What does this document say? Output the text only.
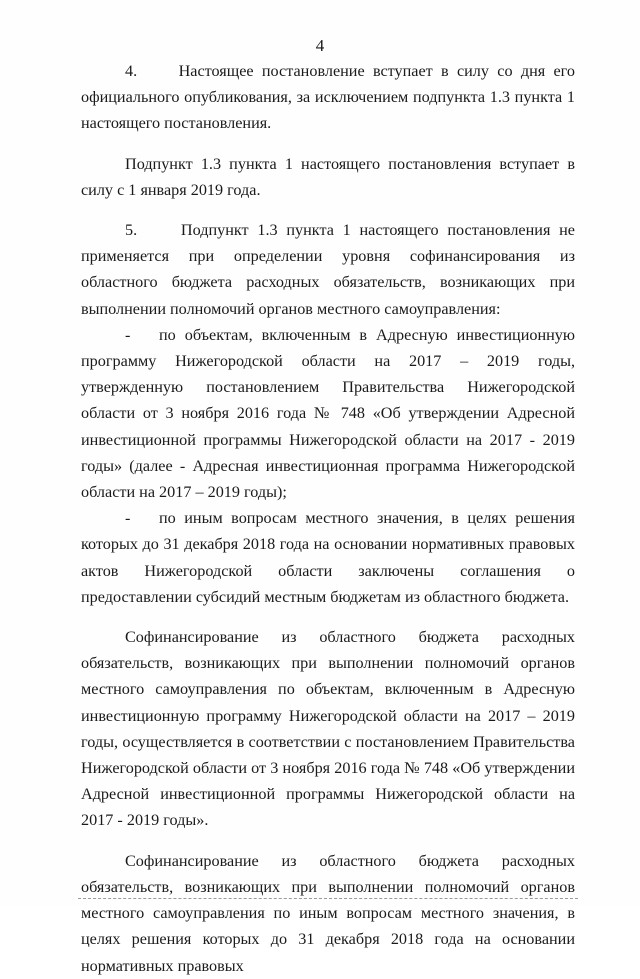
4

4.     Настоящее постановление вступает в силу со дня его официального опубликования, за исключением подпункта 1.3 пункта 1 настоящего постановления.

Подпункт 1.3 пункта 1 настоящего постановления вступает в силу с 1 января 2019 года.

5.     Подпункт 1.3 пункта 1 настоящего постановления не применяется при определении уровня софинансирования из областного бюджета расходных обязательств, возникающих при выполнении полномочий органов местного самоуправления:

- по объектам, включенным в Адресную инвестиционную программу Нижегородской области на 2017 – 2019 годы, утвержденную постановлением Правительства Нижегородской области от 3 ноября 2016 года № 748 «Об утверждении Адресной инвестиционной программы Нижегородской области на 2017 - 2019 годы» (далее - Адресная инвестиционная программа Нижегородской области на 2017 – 2019 годы);

- по иным вопросам местного значения, в целях решения которых до 31 декабря 2018 года на основании нормативных правовых актов Нижегородской области заключены соглашения о предоставлении субсидий местным бюджетам из областного бюджета.

Софинансирование из областного бюджета расходных обязательств, возникающих при выполнении полномочий органов местного самоуправления по объектам, включенным в Адресную инвестиционную программу Нижегородской области на 2017 – 2019 годы, осуществляется в соответствии с постановлением Правительства Нижегородской области от 3 ноября 2016 года № 748 «Об утверждении Адресной инвестиционной программы Нижегородской области на 2017 - 2019 годы».

Софинансирование из областного бюджета расходных обязательств, возникающих при выполнении полномочий органов местного самоуправления по иным вопросам местного значения, в целях решения которых до 31 декабря 2018 года на основании нормативных правовых
